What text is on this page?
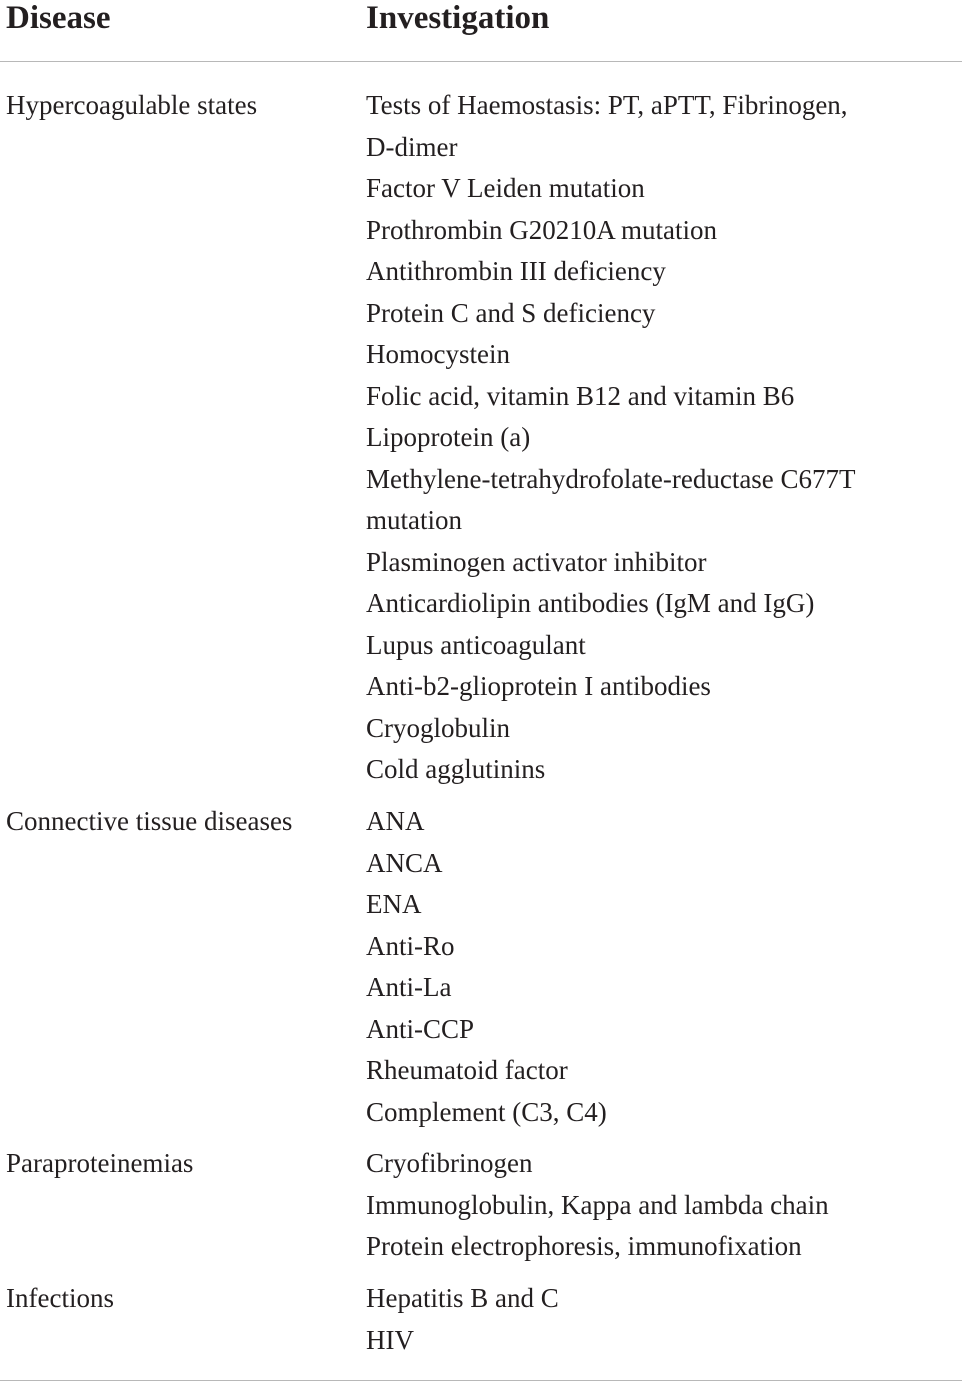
Disease	Investigation
Hypercoagulable states	Tests of Haemostasis: PT, aPTT, Fibrinogen,
D-dimer
Factor V Leiden mutation
Prothrombin G20210A mutation
Antithrombin III deficiency
Protein C and S deficiency
Homocystein
Folic acid, vitamin B12 and vitamin B6
Lipoprotein (a)
Methylene-tetrahydrofolate-reductase C677T
mutation
Plasminogen activator inhibitor
Anticardiolipin antibodies (IgM and IgG)
Lupus anticoagulant
Anti-b2-glioprotein I antibodies
Cryoglobulin
Cold agglutinins
Connective tissue diseases	ANA
ANCA
ENA
Anti-Ro
Anti-La
Anti-CCP
Rheumatoid factor
Complement (C3, C4)
Paraproteinemias	Cryofibrinogen
Immunoglobulin, Kappa and lambda chain
Protein electrophoresis, immunofixation
Infections	Hepatitis B and C
HIV
